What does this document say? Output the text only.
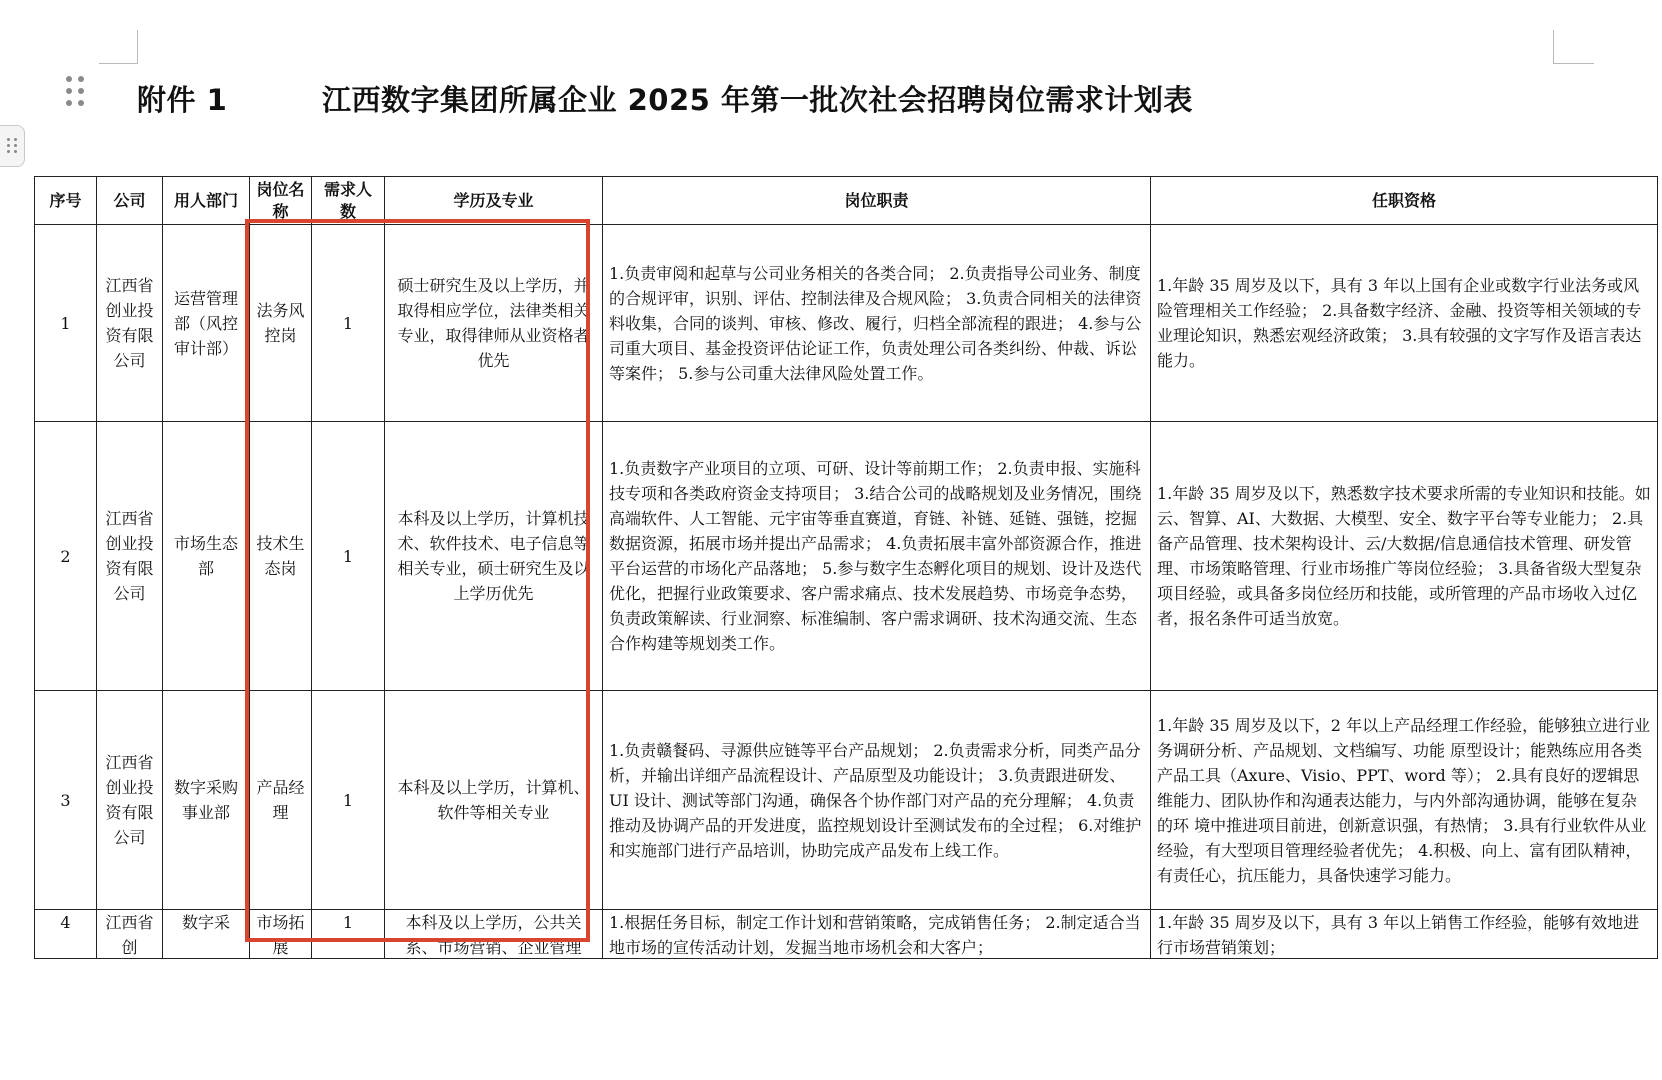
附件 1	江西数字集团所属企业 2025 年第一批次社会招聘岗位需求计划表
序号	公司	用人部门	岗位名称	需求人数	学历及专业	岗位职责	任职资格
1	江西省创业投资有限公司	运营管理部（风控审计部）	法务风控岗	1	硕士研究生及以上学历，并取得相应学位，法律类相关专业，取得律师从业资格者优先	1.负责审阅和起草与公司业务相关的各类合同； 2.负责指导公司业务、制度的合规评审，识别、评估、控制法律及合规风险； 3.负责合同相关的法律资料收集，合同的谈判、审核、修改、履行，归档全部流程的跟进； 4.参与公司重大项目、基金投资评估论证工作，负责处理公司各类纠纷、仲裁、诉讼等案件； 5.参与公司重大法律风险处置工作。	1.年龄 35 周岁及以下，具有 3 年以上国有企业或数字行业法务或风险管理相关工作经验； 2.具备数字经济、金融、投资等相关领域的专业理论知识，熟悉宏观经济政策； 3.具有较强的文字写作及语言表达能力。
2	江西省创业投资有限公司	市场生态部	技术生态岗	1	本科及以上学历，计算机技术、软件技术、电子信息等相关专业，硕士研究生及以上学历优先	1.负责数字产业项目的立项、可研、设计等前期工作； 2.负责申报、实施科技专项和各类政府资金支持项目； 3.结合公司的战略规划及业务情况，围绕高端软件、人工智能、元宇宙等垂直赛道，育链、补链、延链、强链，挖掘数据资源，拓展市场并提出产品需求； 4.负责拓展丰富外部资源合作，推进平台运营的市场化产品落地； 5.参与数字生态孵化项目的规划、设计及迭代优化，把握行业政策要求、客户需求痛点、技术发展趋势、市场竞争态势，负责政策解读、行业洞察、标准编制、客户需求调研、技术沟通交流、生态合作构建等规划类工作。	1.年龄 35 周岁及以下，熟悉数字技术要求所需的专业知识和技能。如云、智算、AI、大数据、大模型、安全、数字平台等专业能力； 2.具备产品管理、技术架构设计、云/大数据/信息通信技术管理、研发管理、市场策略管理、行业市场推广等岗位经验； 3.具备省级大型复杂项目经验，或具备多岗位经历和技能，或所管理的产品市场收入过亿者，报名条件可适当放宽。
3	江西省创业投资有限公司	数字采购事业部	产品经理	1	本科及以上学历，计算机、软件等相关专业	1.负责赣餐码、寻源供应链等平台产品规划； 2.负责需求分析，同类产品分析，并输出详细产品流程设计、产品原型及功能设计； 3.负责跟进研发、UI 设计、测试等部门沟通，确保各个协作部门对产品的充分理解； 4.负责推动及协调产品的开发进度，监控规划设计至测试发布的全过程； 6.对维护和实施部门进行产品培训，协助完成产品发布上线工作。	1.年龄 35 周岁及以下，2 年以上产品经理工作经验，能够独立进行业务调研分析、产品规划、文档编写、功能 原型设计；能熟练应用各类产品工具（Axure、Visio、PPT、word 等）； 2.具有良好的逻辑思维能力、团队协作和沟通表达能力，与内外部沟通协调，能够在复杂的环 境中推进项目前进，创新意识强，有热情； 3.具有行业软件从业经验，有大型项目管理经验者优先； 4.积极、向上、富有团队精神，有责任心，抗压能力，具备快速学习能力。

4	江西省创	数字采	市场拓展	1	本科及以上学历，公共关系、市场营销、企业管理	1.根据任务目标，制定工作计划和营销策略，完成销售任务； 2.制定适合当地市场的宣传活动计划，发掘当地市场机会和大客户；	1.年龄 35 周岁及以下，具有 3 年以上销售工作经验，能够有效地进行市场营销策划；
